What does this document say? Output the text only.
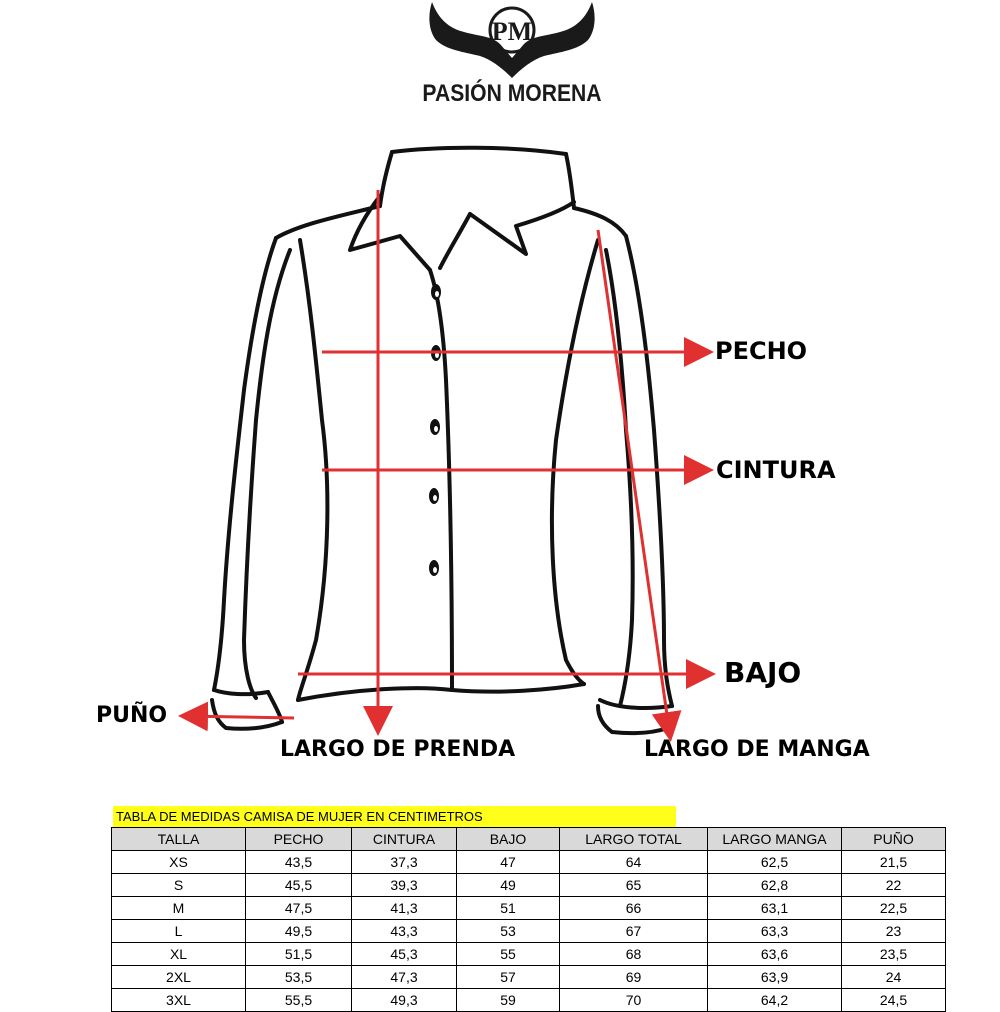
PM
PASIÓN MORENA
PECHO
CINTURA
BAJO
PUÑO
LARGO DE PRENDA	LARGO DE MANGA
TABLA DE MEDIDAS CAMISA DE MUJER EN CENTIMETROS
TALLA	PECHO	CINTURA	BAJO	LARGO TOTAL	LARGO MANGA	PUÑO
XS	43,5	37,3	47	64	62,5	21,5
S	45,5	39,3	49	65	62,8	22
M	47,5	41,3	51	66	63,1	22,5
L	49,5	43,3	53	67	63,3	23
XL	51,5	45,3	55	68	63,6	23,5
2XL	53,5	47,3	57	69	63,9	24
3XL	55,5	49,3	59	70	64,2	24,5
